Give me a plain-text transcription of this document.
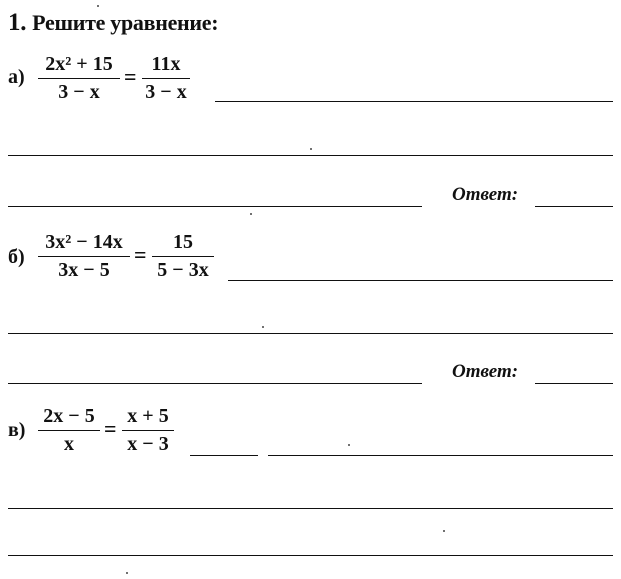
1. Решите уравнение:
а)
2x² + 15
3 − x
= 11x
3 − x
Ответ:
б)
3x² − 14x
3x − 5
=	15
5 − 3x
Ответ:
в)
2x − 5
x
= x + 5
x − 3
